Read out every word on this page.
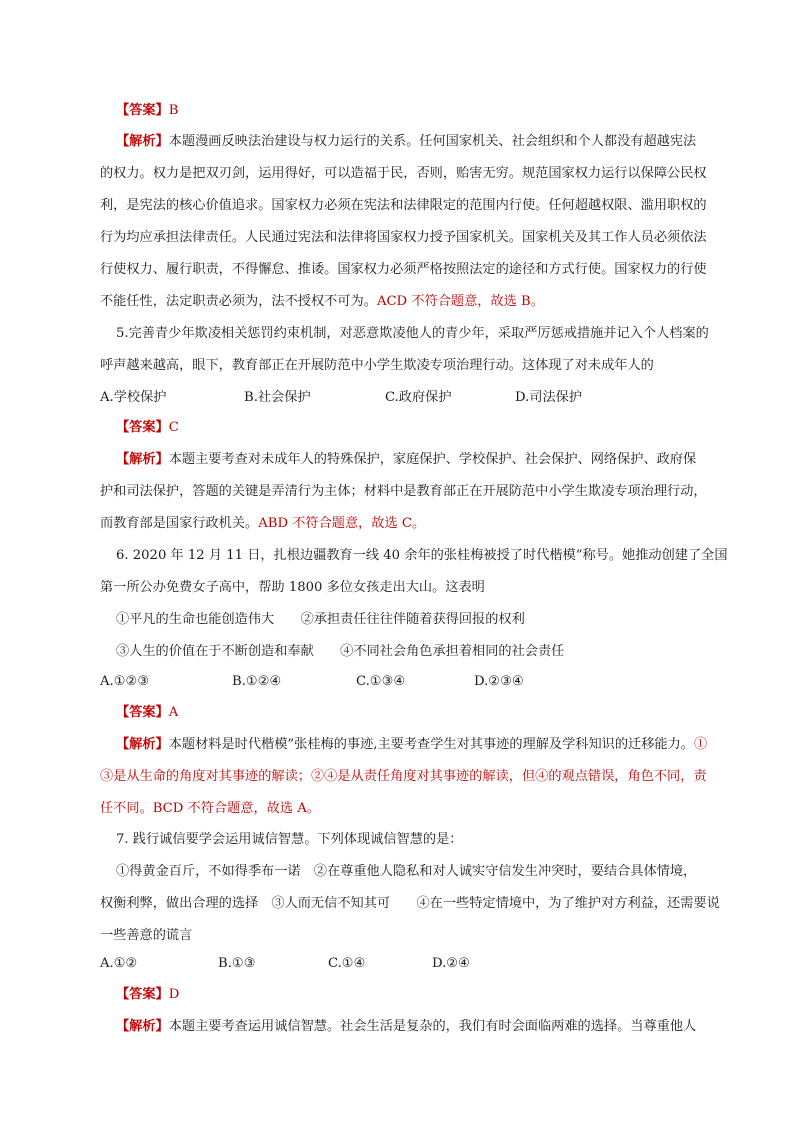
【答案】B
【解析】本题漫画反映法治建设与权力运行的关系。任何国家机关、社会组织和个人都没有超越宪法
的权力。权力是把双刃剑，运用得好，可以造福于民，否则，贻害无穷。规范国家权力运行以保障公民权
利，是宪法的核心价值追求。国家权力必须在宪法和法律限定的范围内行使。任何超越权限、滥用职权的
行为均应承担法律责任。人民通过宪法和法律将国家权力授予国家机关。国家机关及其工作人员必须依法
行使权力、履行职责，不得懈怠、推诿。国家权力必须严格按照法定的途径和方式行使。国家权力的行使
不能任性，法定职责必须为，法不授权不可为。ACD 不符合题意，故选 B。
5.完善青少年欺凌相关惩罚约束机制，对恶意欺凌他人的青少年，采取严厉惩戒措施并记入个人档案的
呼声越来越高，眼下，教育部正在开展防范中小学生欺凌专项治理行动。这体现了对未成年人的
A.学校保护	B.社会保护	C.政府保护	D.司法保护
【答案】C
【解析】本题主要考查对未成年人的特殊保护，家庭保护、学校保护、社会保护、网络保护、政府保
护和司法保护，答题的关键是弄清行为主体；材料中是教育部正在开展防范中小学生欺凌专项治理行动，
而教育部是国家行政机关。ABD 不符合题意，故选 C。
6. 2020 年 12 月 11 日，扎根边疆教育一线 40 余年的张桂梅被授了时代楷模”称号。她推动创建了全国
第一所公办免费女子高中，帮助 1800 多位女孩走出大山。这表明
①平凡的生命也能创造伟大　　②承担责任往往伴随着获得回报的权利
③人生的价值在于不断创造和奉献　　④不同社会角色承担着相同的社会责任
A.①②③	B.①②④	C.①③④	D.②③④
【答案】A
【解析】本题材料是时代楷模”张桂梅的事迹,主要考查学生对其事迹的理解及学科知识的迁移能力。①
③是从生命的角度对其事迹的解读；②④是从责任角度对其事迹的解读，但④的观点错误，角色不同，责
任不同。BCD 不符合题意，故选 A。
7. 践行诚信要学会运用诚信智慧。下列体现诚信智慧的是：
①得黄金百斤，不如得季布一诺　②在尊重他人隐私和对人诚实守信发生冲突时，要结合具体情境，
权衡利弊，做出合理的选择　③人而无信不知其可　　④在一些特定情境中，为了维护对方利益，还需要说
一些善意的谎言
A.①②	B.①③	C.①④	D.②④
【答案】D
【解析】本题主要考查运用诚信智慧。社会生活是复杂的，我们有时会面临两难的选择。当尊重他人
